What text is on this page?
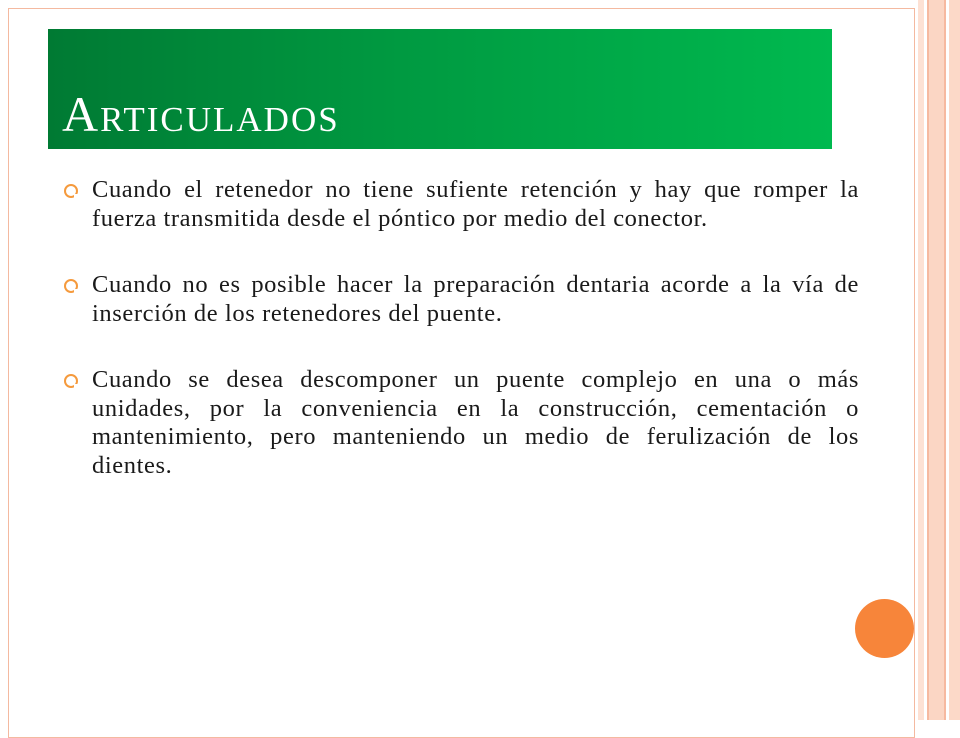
Articulados
Cuando el retenedor no tiene sufiente retención y hay que romper la fuerza transmitida desde el póntico por medio del conector.
Cuando no es posible hacer la preparación dentaria acorde a la vía de inserción de los retenedores del puente.
Cuando se desea descomponer un puente complejo en una o más unidades, por la conveniencia en la construcción, cementación o mantenimiento, pero manteniendo un medio de ferulización de los dientes.
